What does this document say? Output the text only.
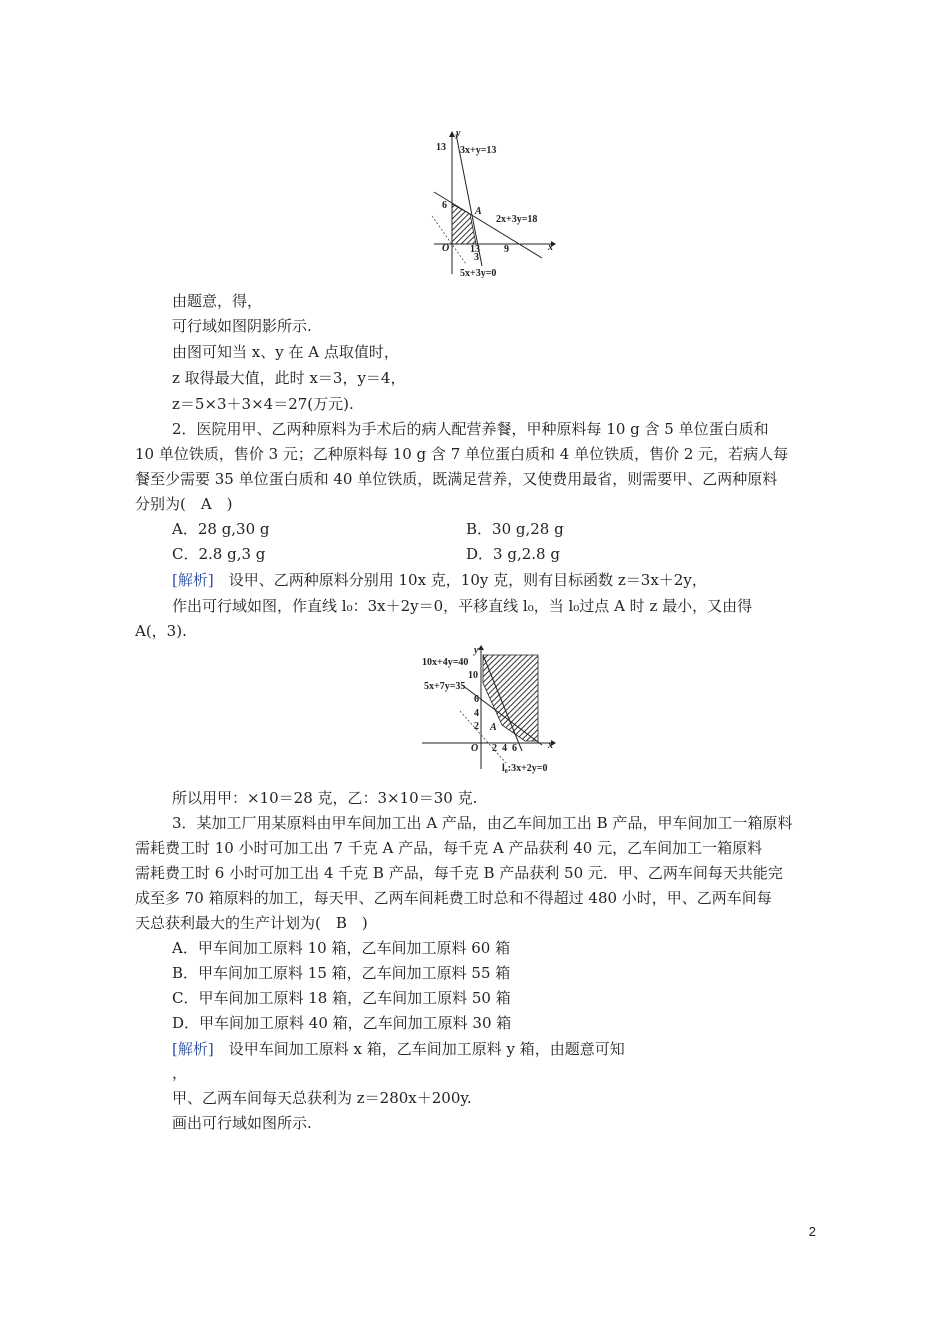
y
13 3x+y=13
6
A
2x+3y=18
O 13
3
9	x
5x+3y=0
由题意，得，
可行域如图阴影所示.
由图可知当 x、y 在 A 点取值时，
z 取得最大值，此时 x＝3，y＝4，
z＝5×3＋3×4＝27(万元).
2．医院用甲、乙两种原料为手术后的病人配营养餐，甲种原料每 10 g 含 5 单位蛋白质和
10 单位铁质，售价 3 元；乙种原料每 10 g 含 7 单位蛋白质和 4 单位铁质，售价 2 元，若病人每
餐至少需要 35 单位蛋白质和 40 单位铁质，既满足营养，又使费用最省，则需要甲、乙两种原料
分别为(　A　)
A．28 g,30 g	B．30 g,28 g
C．2.8 g,3 g	D．3 g,2.8 g
[解析]　设甲、乙两种原料分别用 10x 克，10y 克，则有目标函数 z＝3x＋2y，
作出可行域如图，作直线 l₀：3x＋2y＝0，平移直线 l₀，当 l₀过点 A 时 z 最小，又由得
A(，3).
y
10x+4y=40
10
5x+7y=35
6
4
2 A
O 2 4 6	x
l₀:3x+2y=0
所以用甲：×10＝28 克，乙：3×10＝30 克.
3．某加工厂用某原料由甲车间加工出 A 产品，由乙车间加工出 B 产品，甲车间加工一箱原料
需耗费工时 10 小时可加工出 7 千克 A 产品，每千克 A 产品获利 40 元，乙车间加工一箱原料
需耗费工时 6 小时可加工出 4 千克 B 产品，每千克 B 产品获利 50 元．甲、乙两车间每天共能完
成至多 70 箱原料的加工，每天甲、乙两车间耗费工时总和不得超过 480 小时，甲、乙两车间每
天总获利最大的生产计划为(　B　)
A．甲车间加工原料 10 箱，乙车间加工原料 60 箱
B．甲车间加工原料 15 箱，乙车间加工原料 55 箱
C．甲车间加工原料 18 箱，乙车间加工原料 50 箱
D．甲车间加工原料 40 箱，乙车间加工原料 30 箱
[解析]　设甲车间加工原料 x 箱，乙车间加工原料 y 箱，由题意可知
，
甲、乙两车间每天总获利为 z＝280x＋200y.
画出可行域如图所示.
2
